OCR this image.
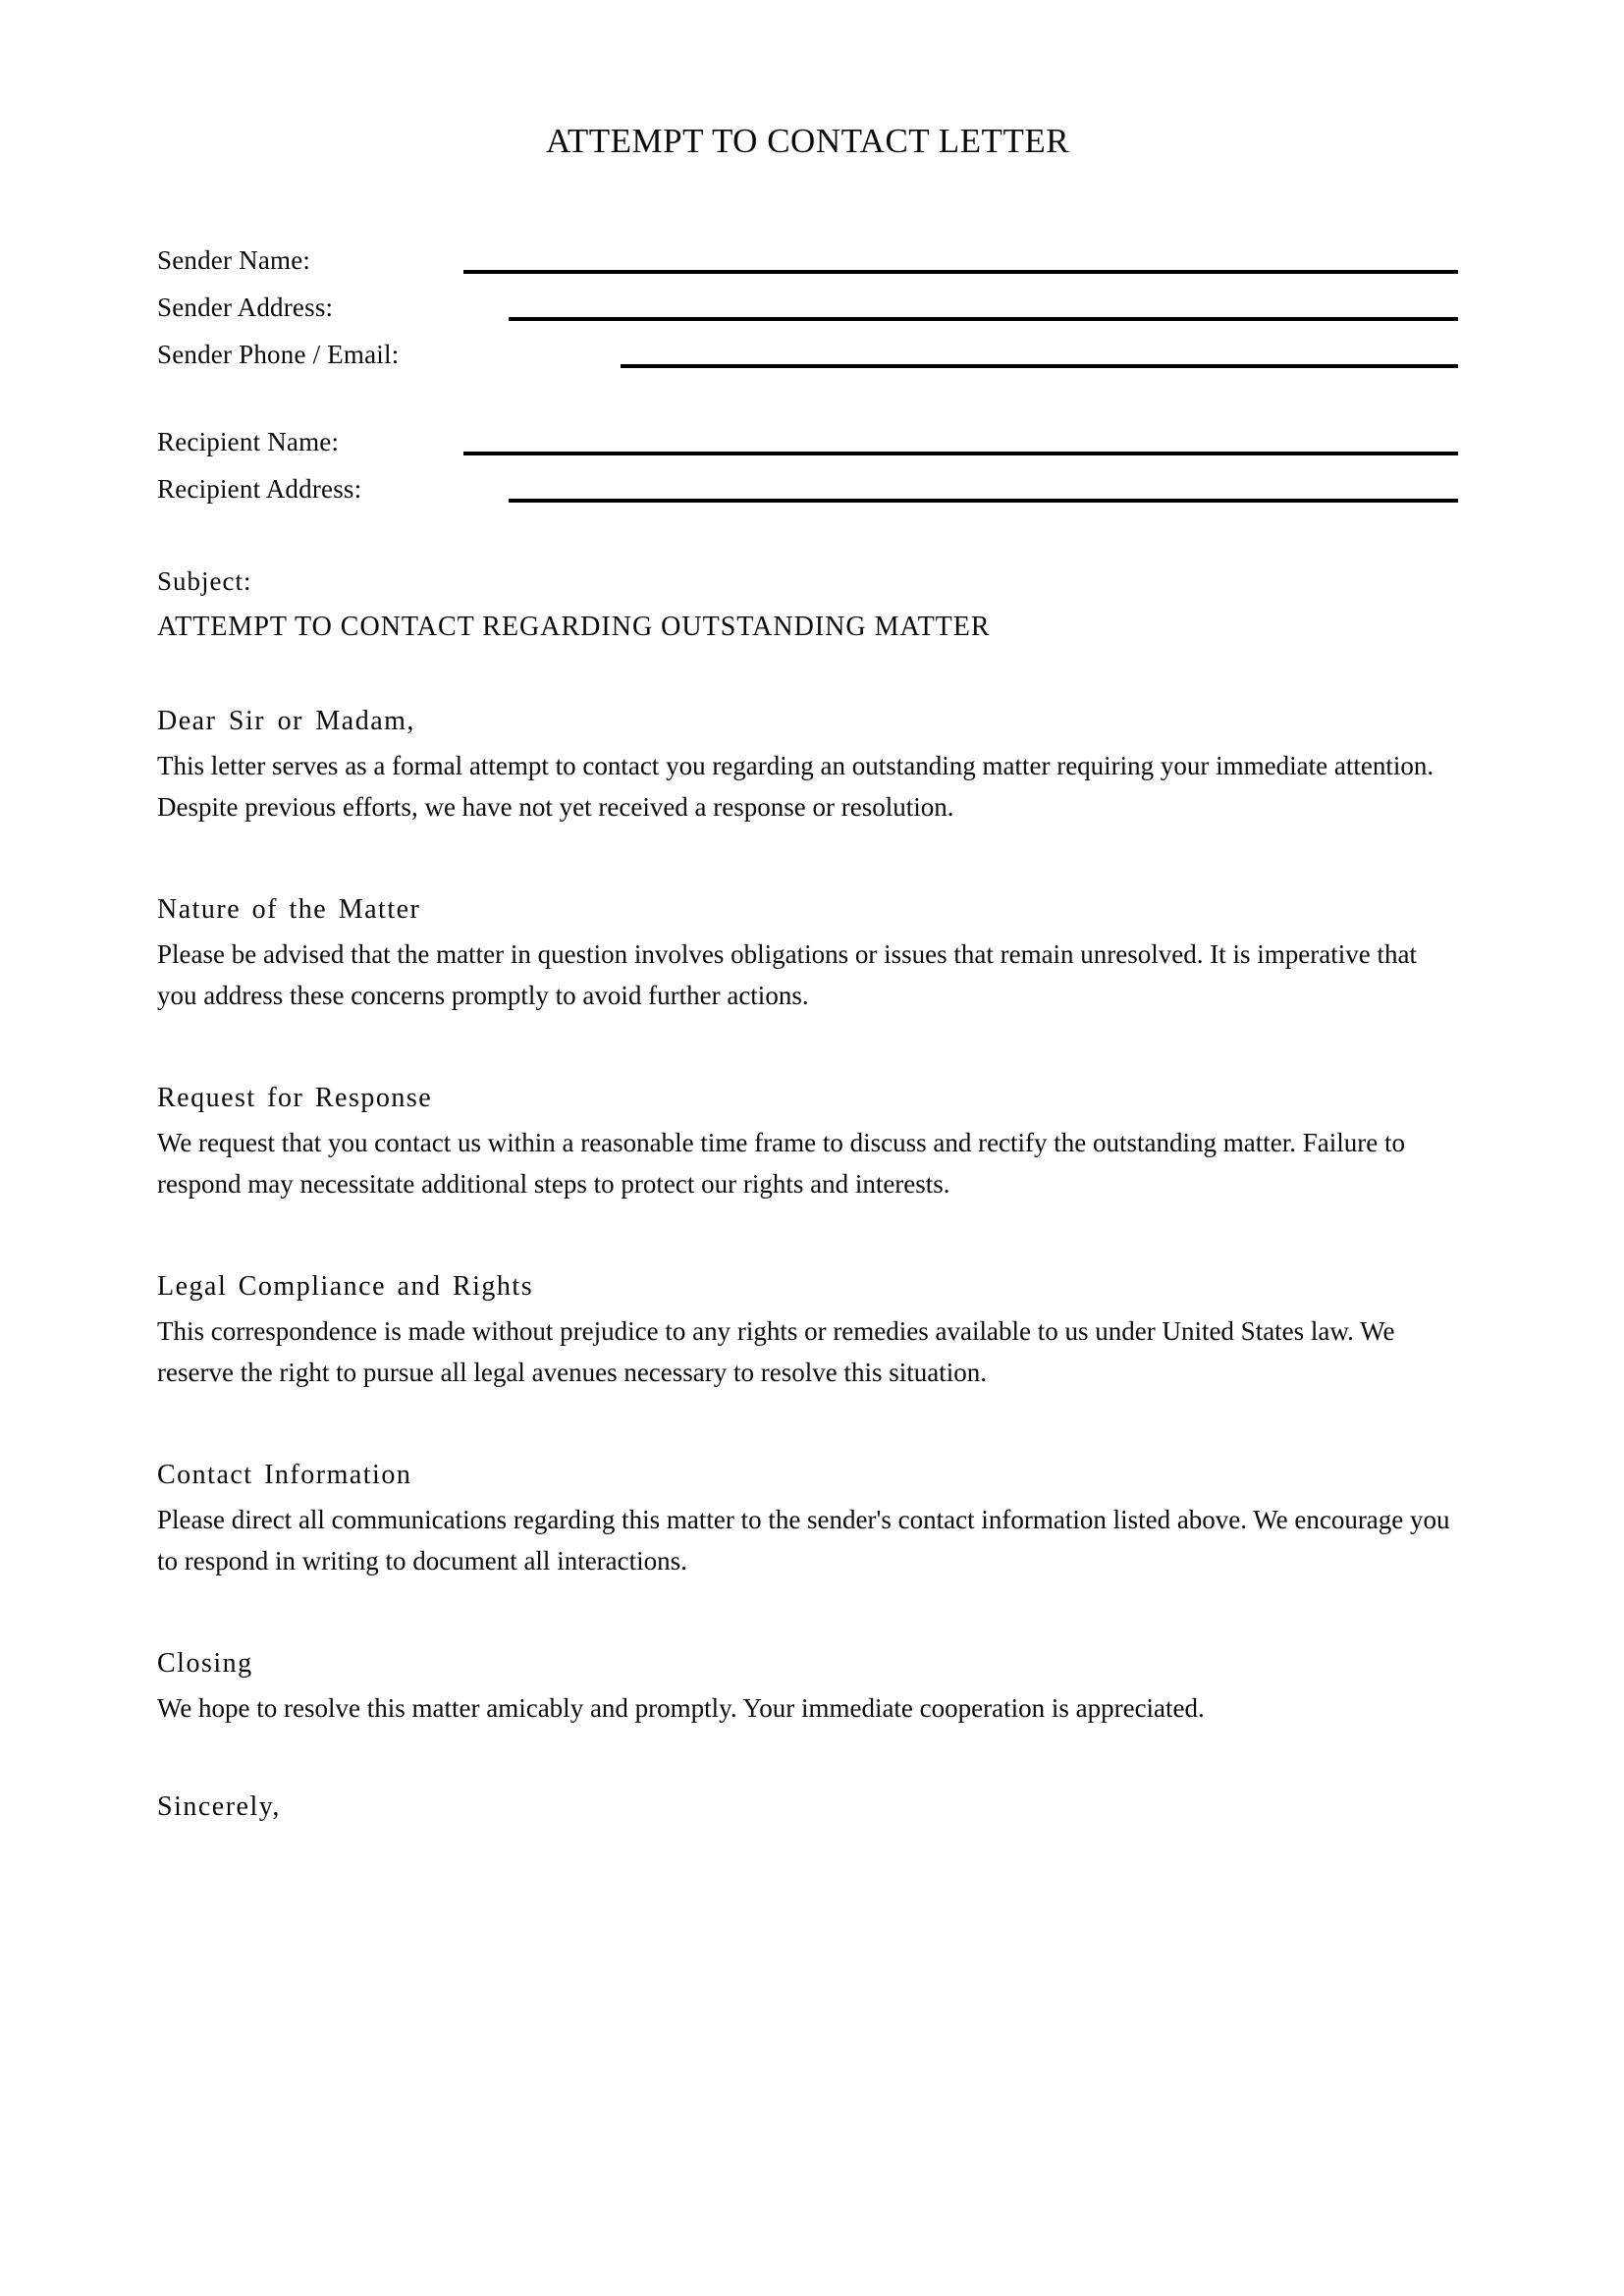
ATTEMPT TO CONTACT LETTER
Sender Name:
Sender Address:
Sender Phone / Email:
Recipient Name:
Recipient Address:
Subject:
ATTEMPT TO CONTACT REGARDING OUTSTANDING MATTER

Dear Sir or Madam,

This letter serves as a formal attempt to contact you regarding an outstanding matter requiring your immediate attention. Despite previous efforts, we have not yet received a response or resolution.

Nature of the Matter

Please be advised that the matter in question involves obligations or issues that remain unresolved. It is imperative that you address these concerns promptly to avoid further actions.

Request for Response

We request that you contact us within a reasonable time frame to discuss and rectify the outstanding matter. Failure to respond may necessitate additional steps to protect our rights and interests.

Legal Compliance and Rights

This correspondence is made without prejudice to any rights or remedies available to us under United States law. We reserve the right to pursue all legal avenues necessary to resolve this situation.

Contact Information

Please direct all communications regarding this matter to the sender's contact information listed above. We encourage you to respond in writing to document all interactions.

Closing

We hope to resolve this matter amicably and promptly. Your immediate cooperation is appreciated.

Sincerely,
